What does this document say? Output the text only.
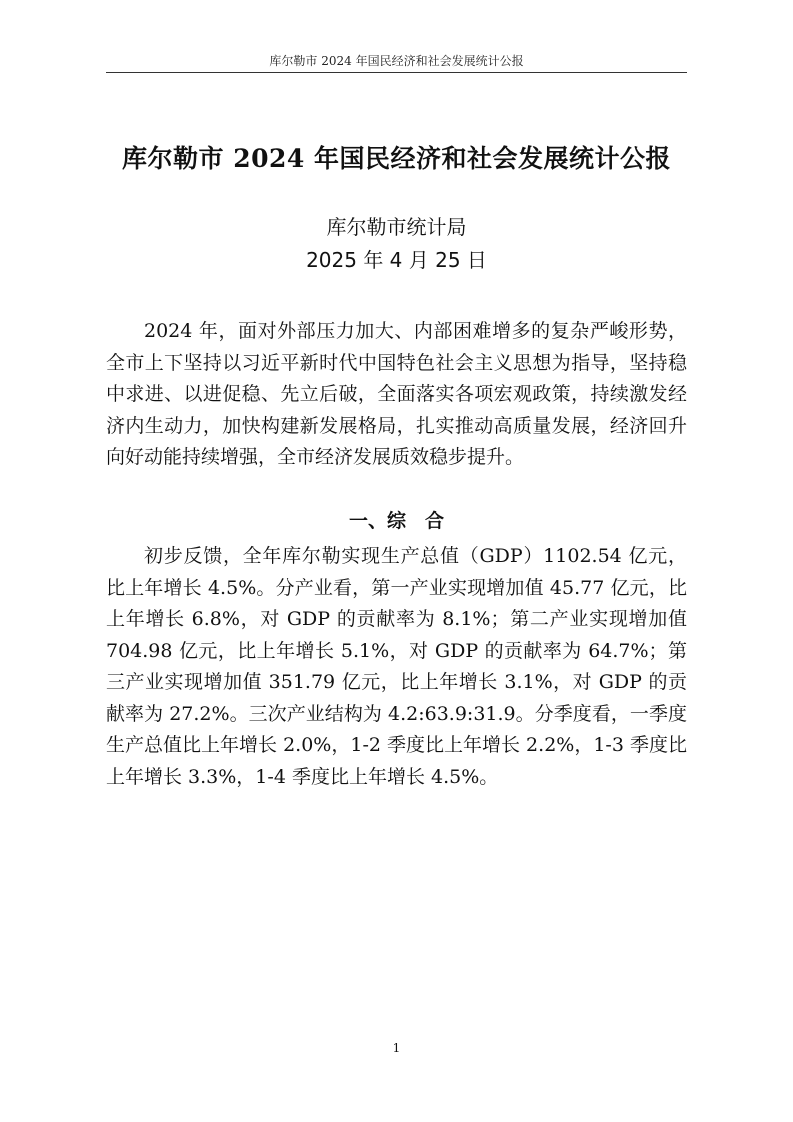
库尔勒市 2024 年国民经济和社会发展统计公报
库尔勒市 2024 年国民经济和社会发展统计公报
库尔勒市统计局
2025 年 4 月 25 日

2024 年，面对外部压力加大、内部困难增多的复杂严峻形势，全市上下坚持以习近平新时代中国特色社会主义思想为指导，坚持稳中求进、以进促稳、先立后破，全面落实各项宏观政策，持续激发经济内生动力，加快构建新发展格局，扎实推动高质量发展，经济回升向好动能持续增强，全市经济发展质效稳步提升。

一、综　合

初步反馈，全年库尔勒实现生产总值（GDP）1102.54 亿元，比上年增长 4.5%。分产业看，第一产业实现增加值 45.77 亿元，比上年增长 6.8%，对 GDP 的贡献率为 8.1%；第二产业实现增加值 704.98 亿元，比上年增长 5.1%，对 GDP 的贡献率为 64.7%；第三产业实现增加值 351.79 亿元，比上年增长 3.1%，对 GDP 的贡献率为 27.2%。三次产业结构为 4.2:63.9:31.9。分季度看，一季度生产总值比上年增长 2.0%，1-2 季度比上年增长 2.2%，1-3 季度比上年增长 3.3%，1-4 季度比上年增长 4.5%。

1
